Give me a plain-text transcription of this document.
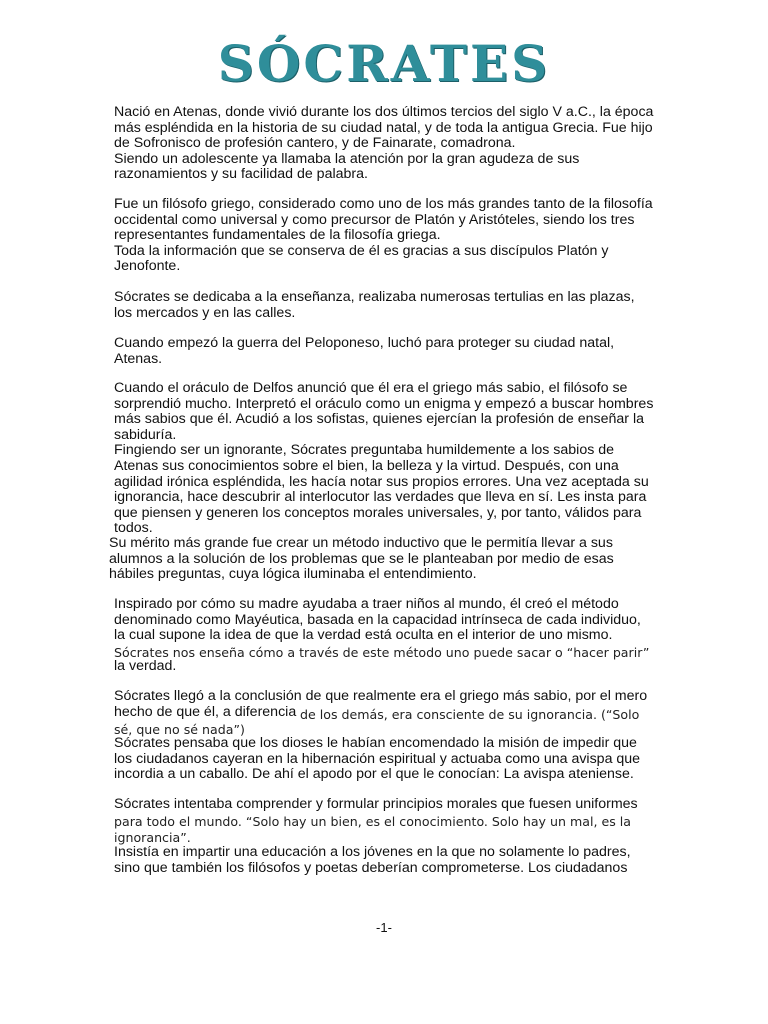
SÓCRATES

Nació en Atenas, donde vivió durante los dos últimos tercios del siglo V a.C., la época
más espléndida en la historia de su ciudad natal, y de toda la antigua Grecia. Fue hijo
de Sofronisco de profesión cantero, y de Fainarate, comadrona.
Siendo un adolescente ya llamaba la atención por la gran agudeza de sus
razonamientos y su facilidad de palabra.

Fue un filósofo griego, considerado como uno de los más grandes tanto de la filosofía
occidental como universal y como precursor de Platón y Aristóteles, siendo los tres
representantes fundamentales de la filosofía griega.
Toda la información que se conserva de él es gracias a sus discípulos Platón y
Jenofonte.

Sócrates se dedicaba a la enseñanza, realizaba numerosas tertulias en las plazas,
los mercados y en las calles.

Cuando empezó la guerra del Peloponeso, luchó para proteger su ciudad natal,
Atenas.

Cuando el oráculo de Delfos anunció que él era el griego más sabio, el filósofo se
sorprendió mucho. Interpretó el oráculo como un enigma y empezó a buscar hombres
más sabios que él. Acudió a los sofistas, quienes ejercían la profesión de enseñar la
sabiduría.
Fingiendo ser un ignorante, Sócrates preguntaba humildemente a los sabios de
Atenas sus conocimientos sobre el bien, la belleza y la virtud. Después, con una
agilidad irónica espléndida, les hacía notar sus propios errores. Una vez aceptada su
ignorancia, hace descubrir al interlocutor las verdades que lleva en sí. Les insta para
que piensen y generen los conceptos morales universales, y, por tanto, válidos para
todos.

Su mérito más grande fue crear un método inductivo que le permitía llevar a sus
alumnos a la solución de los problemas que se le planteaban por medio de esas
hábiles preguntas, cuya lógica iluminaba el entendimiento.

Inspirado por cómo su madre ayudaba a traer niños al mundo, él creó el método
denominado como Mayéutica, basada en la capacidad intrínseca de cada individuo,
la cual supone la idea de que la verdad está oculta en el interior de uno mismo.

Sócrates nos enseña cómo a través de este método uno puede sacar o “hacer parir”

la verdad.

Sócrates llegó a la conclusión de que realmente era el griego más sabio, por el mero

hecho de que él, a diferencia de los demás, era consciente de su ignorancia. (“Solo

sé, que no sé nada”)

Sócrates pensaba que los dioses le habían encomendado la misión de impedir que
los ciudadanos cayeran en la hibernación espiritual y actuaba como una avispa que
incordia a un caballo. De ahí el apodo por el que le conocían: La avispa ateniense.

Sócrates intentaba comprender y formular principios morales que fuesen uniformes

para todo el mundo. “Solo hay un bien, es el conocimiento. Solo hay un mal, es la
ignorancia”.

Insistía en impartir una educación a los jóvenes en la que no solamente lo padres,
sino que también los filósofos y poetas deberían comprometerse. Los ciudadanos

-1-
